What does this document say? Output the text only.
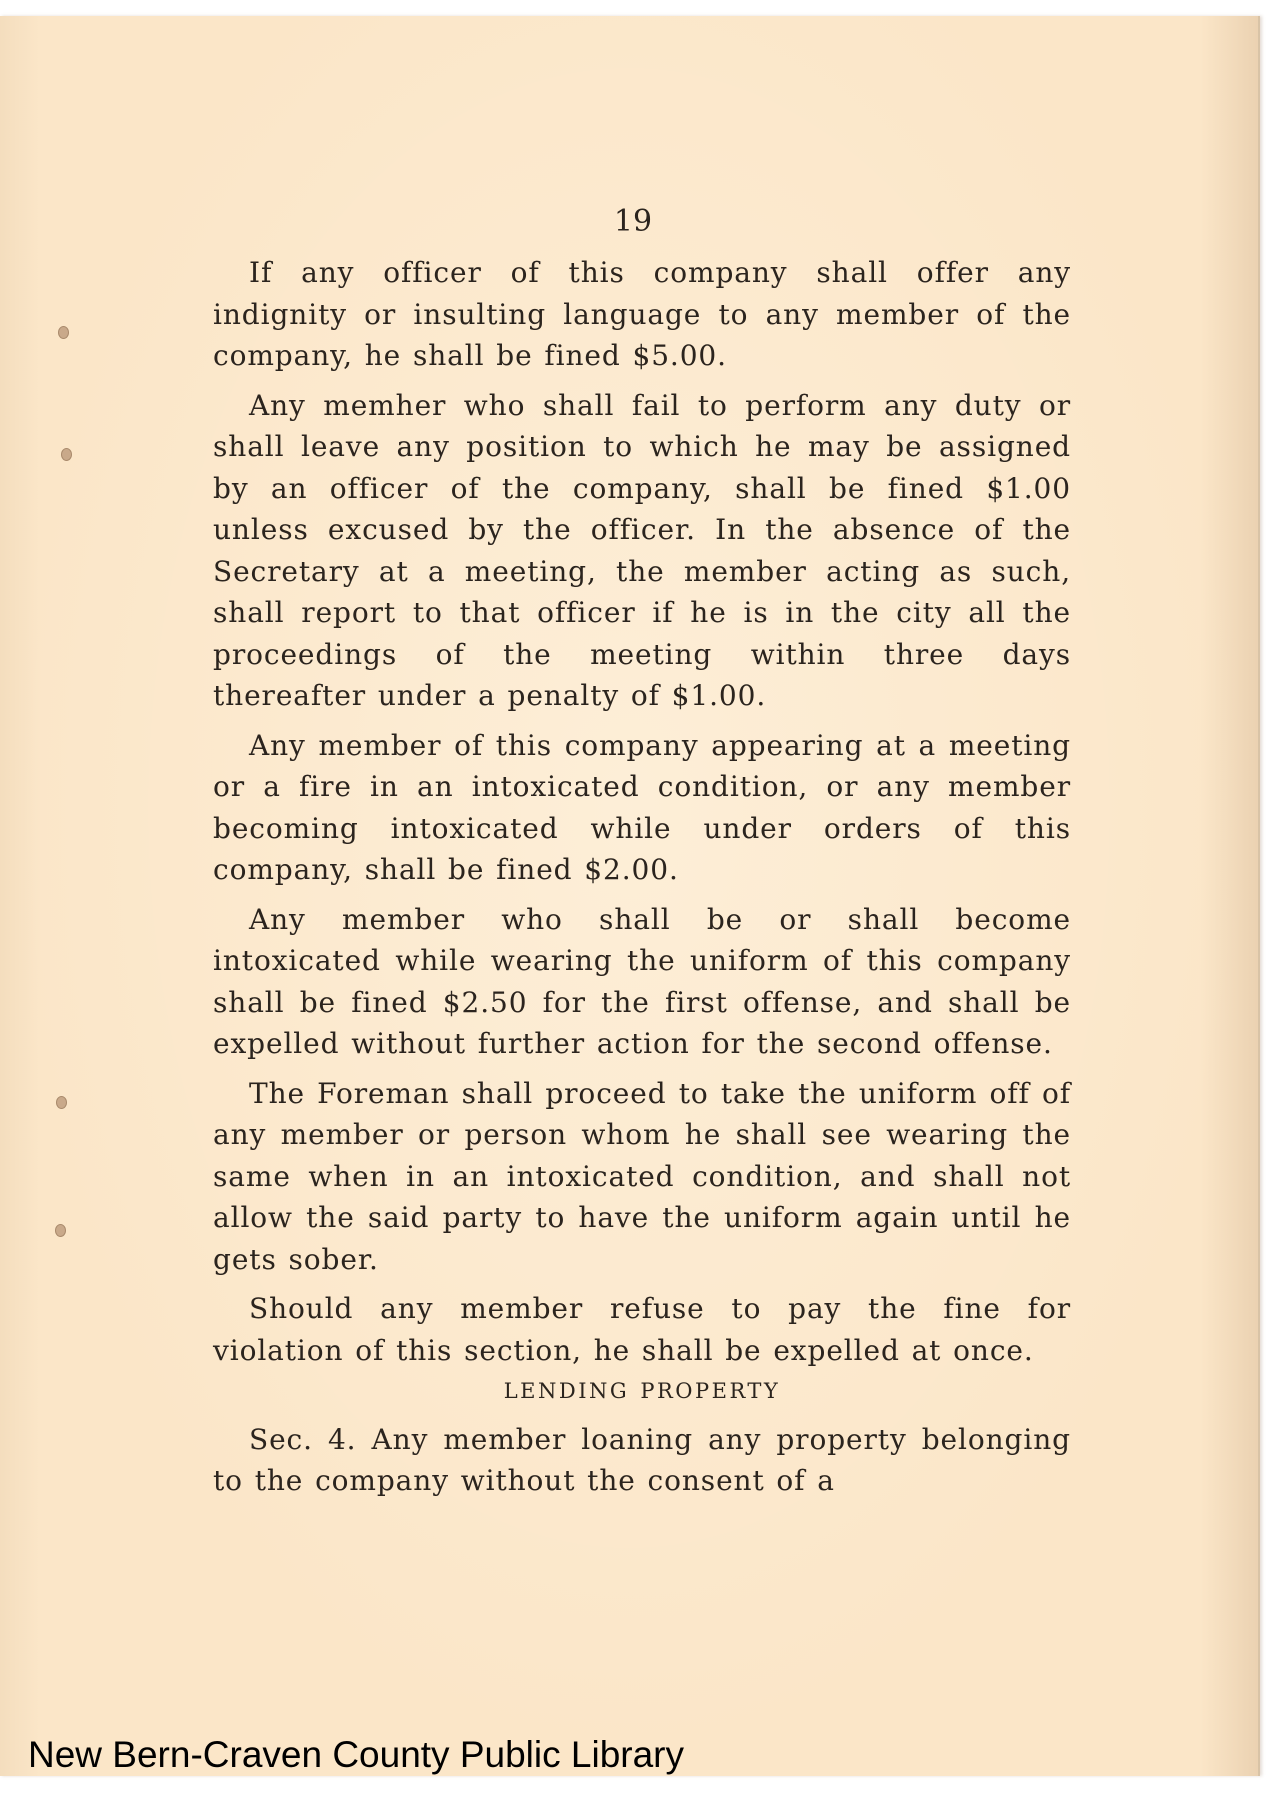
19

If any officer of this company shall offer any indignity or insulting language to any member of the company, he shall be fined $5.00.

Any memher who shall fail to perform any duty or shall leave any position to which he may be assigned by an officer of the company, shall be fined $1.00 unless excused by the officer. In the absence of the Secretary at a meeting, the member acting as such, shall report to that officer if he is in the city all the proceedings of the meeting within three days thereafter under a penalty of $1.00.

Any member of this company appearing at a meeting or a fire in an intoxicated condition, or any member becoming intoxicated while under orders of this company, shall be fined $2.00.

Any member who shall be or shall become intoxicated while wearing the uniform of this company shall be fined $2.50 for the first offense, and shall be expelled without further action for the second offense.

The Foreman shall proceed to take the uniform off of any member or person whom he shall see wearing the same when in an intoxicated condition, and shall not allow the said party to have the uniform again until he gets sober.

Should any member refuse to pay the fine for violation of this section, he shall be expelled at once.

LENDING PROPERTY

Sec. 4. Any member loaning any property belonging to the company without the consent of a

New Bern-Craven County Public Library
